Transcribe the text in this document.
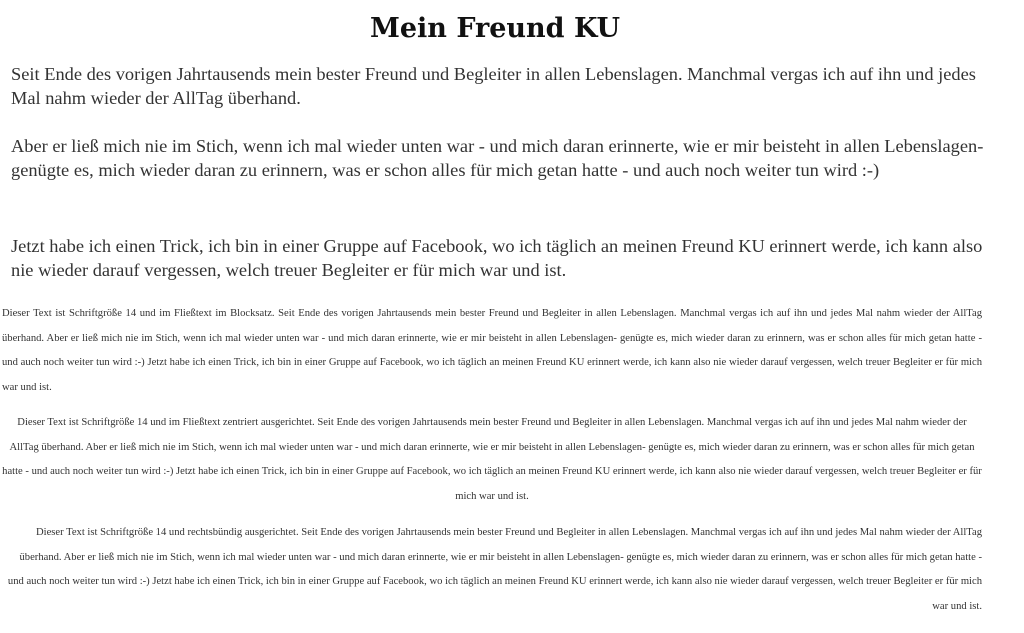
Mein Freund KU

Seit Ende des vorigen Jahrtausends mein bester Freund und Begleiter in allen Lebenslagen. Manchmal vergas ich auf ihn und jedes Mal nahm wieder der AllTag überhand.

Aber er ließ mich nie im Stich, wenn ich mal wieder unten war - und mich daran erinnerte, wie er mir beisteht in allen Lebenslagen- genügte es, mich wieder daran zu erinnern, was er schon alles für mich getan hatte - und auch noch weiter tun wird :-)

Jetzt habe ich einen Trick, ich bin in einer Gruppe auf Facebook, wo ich täglich an meinen Freund KU erinnert werde, ich kann also nie wieder darauf vergessen, welch treuer Begleiter er für mich war und ist.

Dieser Text ist Schriftgröße 14 und im Fließtext im Blocksatz. Seit Ende des vorigen Jahrtausends mein bester Freund und Begleiter in allen Lebenslagen. Manchmal vergas ich auf ihn und jedes Mal nahm wieder der AllTag überhand. Aber er ließ mich nie im Stich, wenn ich mal wieder unten war - und mich daran erinnerte, wie er mir beisteht in allen Lebenslagen- genügte es, mich wieder daran zu erinnern, was er schon alles für mich getan hatte - und auch noch weiter tun wird :-) Jetzt habe ich einen Trick, ich bin in einer Gruppe auf Facebook, wo ich täglich an meinen Freund KU erinnert werde, ich kann also nie wieder darauf vergessen, welch treuer Begleiter er für mich war und ist.

Dieser Text ist Schriftgröße 14 und im Fließtext zentriert ausgerichtet. Seit Ende des vorigen Jahrtausends mein bester Freund und Begleiter in allen Lebenslagen. Manchmal vergas ich auf ihn und jedes Mal nahm wieder der AllTag überhand. Aber er ließ mich nie im Stich, wenn ich mal wieder unten war - und mich daran erinnerte, wie er mir beisteht in allen Lebenslagen- genügte es, mich wieder daran zu erinnern, was er schon alles für mich getan hatte - und auch noch weiter tun wird :-) Jetzt habe ich einen Trick, ich bin in einer Gruppe auf Facebook, wo ich täglich an meinen Freund KU erinnert werde, ich kann also nie wieder darauf vergessen, welch treuer Begleiter er für mich war und ist.

Dieser Text ist Schriftgröße 14 und rechtsbündig ausgerichtet. Seit Ende des vorigen Jahrtausends mein bester Freund und Begleiter in allen Lebenslagen. Manchmal vergas ich auf ihn und jedes Mal nahm wieder der AllTag überhand. Aber er ließ mich nie im Stich, wenn ich mal wieder unten war - und mich daran erinnerte, wie er mir beisteht in allen Lebenslagen- genügte es, mich wieder daran zu erinnern, was er schon alles für mich getan hatte - und auch noch weiter tun wird :-) Jetzt habe ich einen Trick, ich bin in einer Gruppe auf Facebook, wo ich täglich an meinen Freund KU erinnert werde, ich kann also nie wieder darauf vergessen, welch treuer Begleiter er für mich war und ist.
